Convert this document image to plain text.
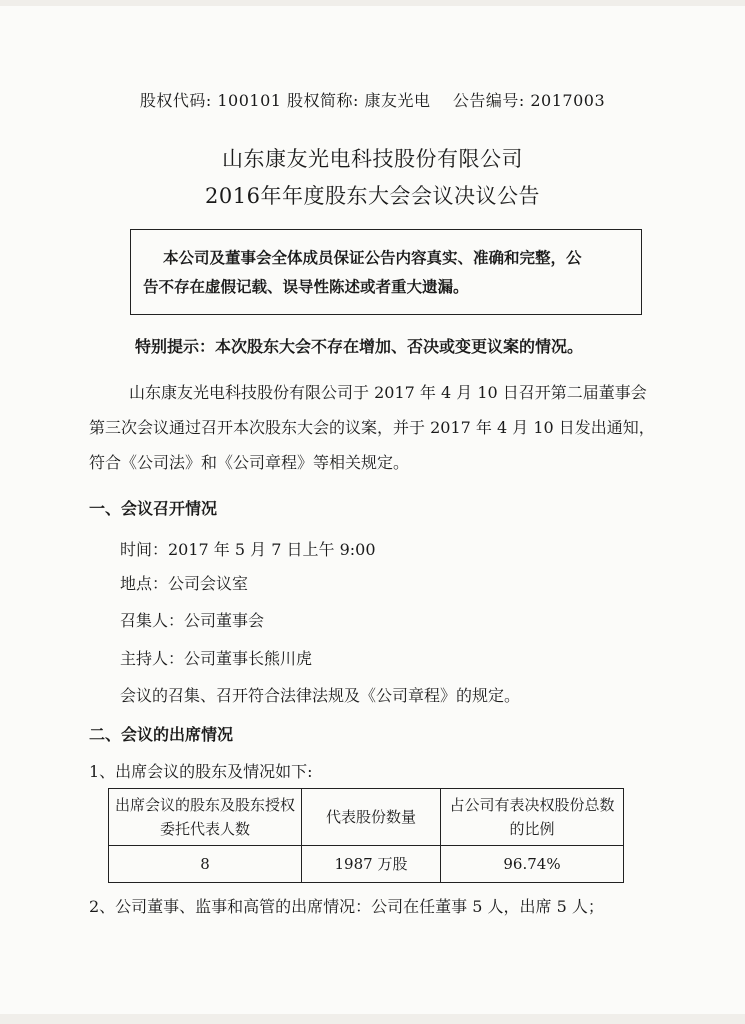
股权代码: 100101 股权简称: 康友光电 公告编号: 2017003
山东康友光电科技股份有限公司
2016年年度股东大会会议决议公告
本公司及董事会全体成员保证公告内容真实、准确和完整，公
告不存在虚假记载、误导性陈述或者重大遗漏。
特别提示：本次股东大会不存在增加、否决或变更议案的情况。
山东康友光电科技股份有限公司于 2017 年 4 月 10 日召开第二届董事会第三次会议通过召开本次股东大会的议案，并于 2017 年 4 月 10 日发出通知，符合《公司法》和《公司章程》等相关规定。
一、会议召开情况
时间：2017 年 5 月 7 日上午 9:00
地点：公司会议室
召集人：公司董事会
主持人：公司董事长熊川虎
会议的召集、召开符合法律法规及《公司章程》的规定。
二、会议的出席情况
1、出席会议的股东及情况如下:
出席会议的股东及股东授权委托代表人数	代表股份数量	占公司有表决权股份总数的比例
8	1987 万股	96.74%
2、公司董事、监事和高管的出席情况：公司在任董事 5 人，出席 5 人；
